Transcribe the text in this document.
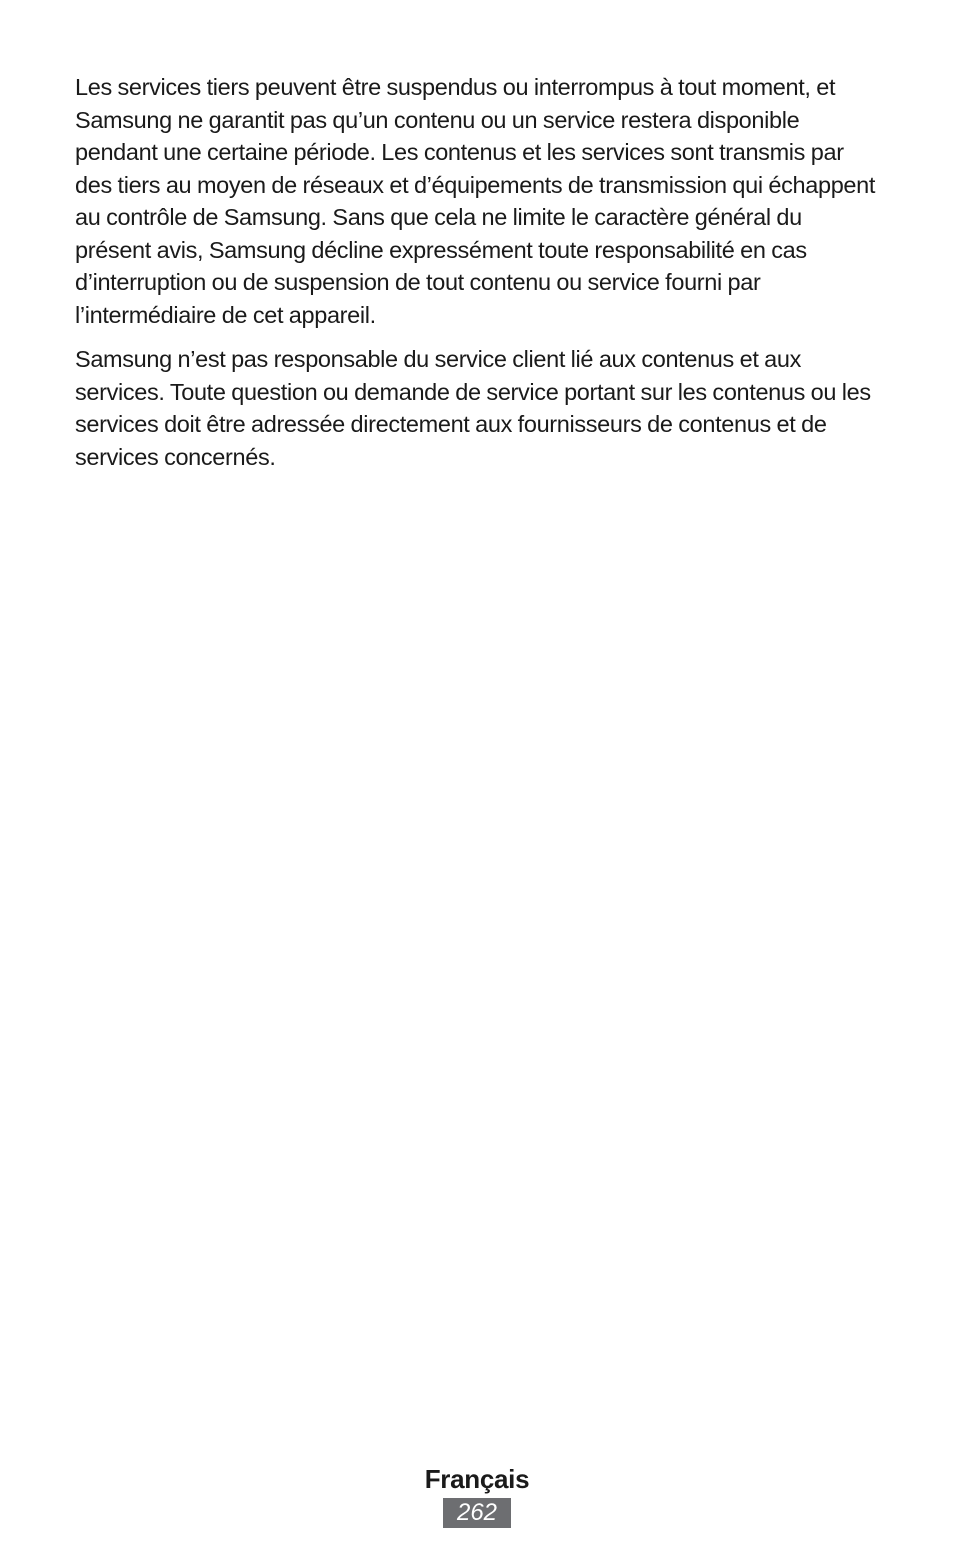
Les services tiers peuvent être suspendus ou interrompus à tout moment, et Samsung ne garantit pas qu’un contenu ou un service restera disponible pendant une certaine période. Les contenus et les services sont transmis par des tiers au moyen de réseaux et d’équipements de transmission qui échappent au contrôle de Samsung. Sans que cela ne limite le caractère général du présent avis, Samsung décline expressément toute responsabilité en cas d’interruption ou de suspension de tout contenu ou service fourni par l’intermédiaire de cet appareil.

Samsung n’est pas responsable du service client lié aux contenus et aux services. Toute question ou demande de service portant sur les contenus ou les services doit être adressée directement aux fournisseurs de contenus et de services concernés.

Français
262
